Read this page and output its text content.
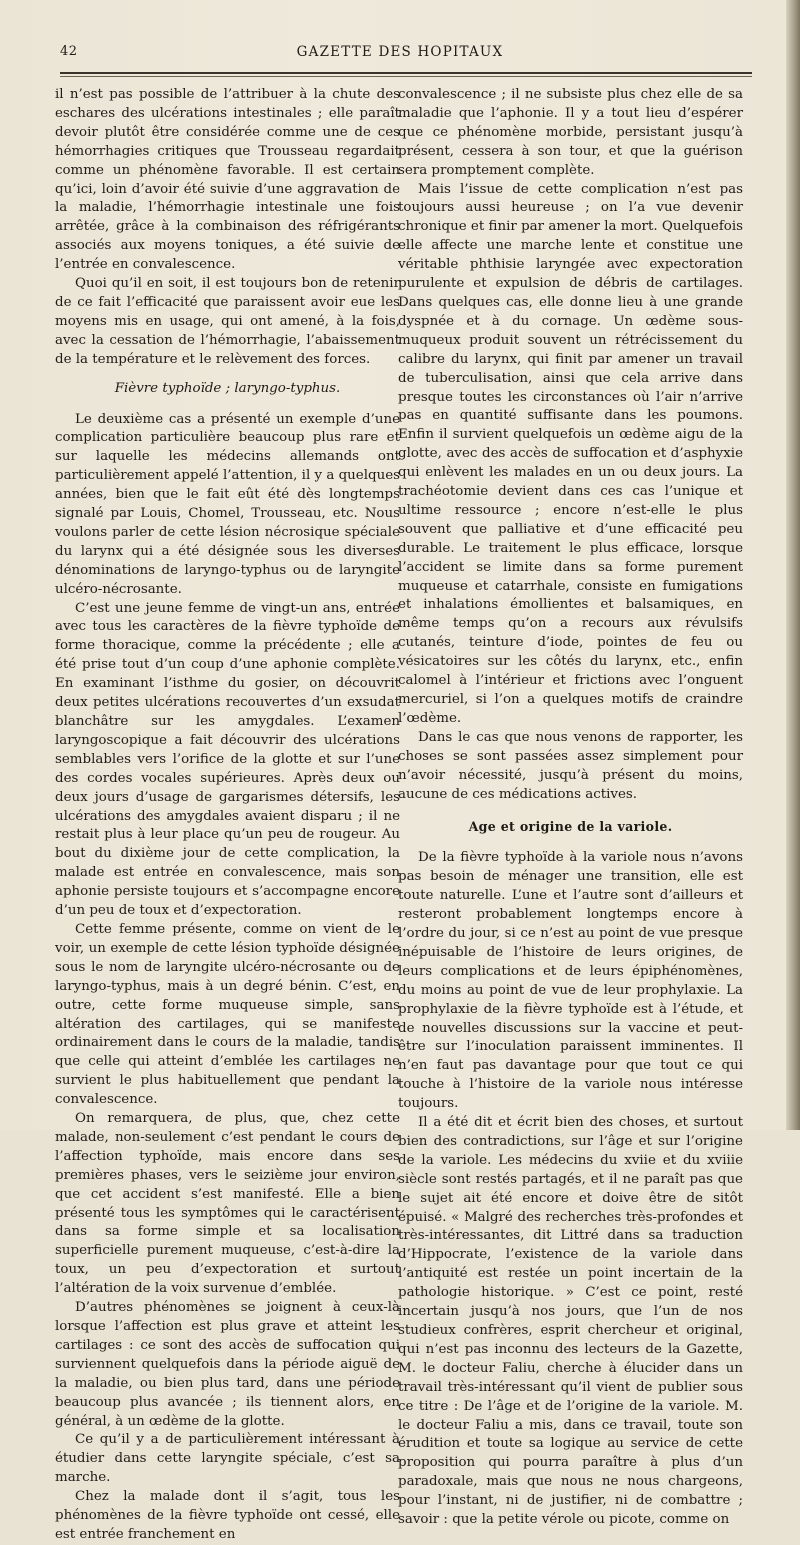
42	GAZETTE DES HOPITAUX

il n’est pas possible de l’attribuer à la chute des eschares des ulcérations intestinales ; elle paraît devoir plutôt être considérée comme une de ces hémorrhagies critiques que Trousseau regardait comme un phénomène favorable. Il est certain qu’ici, loin d’avoir été suivie d’une aggravation de la maladie, l’hémorrhagie intestinale une fois arrêtée, grâce à la combinaison des réfrigérants associés aux moyens toniques, a été suivie de l’entrée en convalescence.

Quoi qu’il en soit, il est toujours bon de retenir de ce fait l’efficacité que paraissent avoir eue les moyens mis en usage, qui ont amené, à la fois, avec la cessation de l’hémorrhagie, l’abaissement de la température et le relèvement des forces.

Fièvre typhoïde ; laryngo-typhus.

Le deuxième cas a présenté un exemple d’une complication particulière beaucoup plus rare et sur laquelle les médecins allemands ont particulièrement appelé l’attention, il y a quelques années, bien que le fait eût été dès longtemps signalé par Louis, Chomel, Trousseau, etc. Nous voulons parler de cette lésion nécrosique spéciale du larynx qui a été désignée sous les diverses dénominations de laryngo-typhus ou de laryngite ulcéro-nécrosante.

C’est une jeune femme de vingt-un ans, entrée avec tous les caractères de la fièvre typhoïde de forme thoracique, comme la précédente ; elle a été prise tout d’un coup d’une aphonie complète. En examinant l’isthme du gosier, on découvrit deux petites ulcérations recouvertes d’un exsudat blanchâtre sur les amygdales. L’examen laryngoscopique a fait découvrir des ulcérations semblables vers l’orifice de la glotte et sur l’une des cordes vocales supérieures. Après deux ou deux jours d’usage de gargarismes détersifs, les ulcérations des amygdales avaient disparu ; il ne restait plus à leur place qu’un peu de rougeur. Au bout du dixième jour de cette complication, la malade est entrée en convalescence, mais son aphonie persiste toujours et s’accompagne encore d’un peu de toux et d’expectoration.

Cette femme présente, comme on vient de le voir, un exemple de cette lésion typhoïde désignée sous le nom de laryngite ulcéro-nécrosante ou de laryngo-typhus, mais à un degré bénin. C’est, en outre, cette forme muqueuse simple, sans altération des cartilages, qui se manifeste ordinairement dans le cours de la maladie, tandis que celle qui atteint d’emblée les cartilages ne survient le plus habituellement que pendant la convalescence.

On remarquera, de plus, que, chez cette malade, non-seulement c’est pendant le cours de l’affection typhoïde, mais encore dans ses premières phases, vers le seizième jour environ, que cet accident s’est manifesté. Elle a bien présenté tous les symptômes qui le caractérisent dans sa forme simple et sa localisation superficielle purement muqueuse, c’est-à-dire la toux, un peu d’expectoration et surtout l’altération de la voix survenue d’emblée.

D’autres phénomènes se joignent à ceux-là lorsque l’affection est plus grave et atteint les cartilages : ce sont des accès de suffocation qui surviennent quelquefois dans la période aiguë de la maladie, ou bien plus tard, dans une période beaucoup plus avancée ; ils tiennent alors, en général, à un œdème de la glotte.

Ce qu’il y a de particulièrement intéressant à étudier dans cette laryngite spéciale, c’est sa marche.

Chez la malade dont il s’agit, tous les phénomènes de la fièvre typhoïde ont cessé, elle est entrée franchement en

convalescence ; il ne subsiste plus chez elle de sa maladie que l’aphonie. Il y a tout lieu d’espérer que ce phénomène morbide, persistant jusqu’à présent, cessera à son tour, et que la guérison sera promptement complète.

Mais l’issue de cette complication n’est pas toujours aussi heureuse ; on l’a vue devenir chronique et finir par amener la mort. Quelquefois elle affecte une marche lente et constitue une véritable phthisie laryngée avec expectoration purulente et expulsion de débris de cartilages. Dans quelques cas, elle donne lieu à une grande dyspnée et à du cornage. Un œdème sous-muqueux produit souvent un rétrécissement du calibre du larynx, qui finit par amener un travail de tuberculisation, ainsi que cela arrive dans presque toutes les circonstances où l’air n’arrive pas en quantité suffisante dans les poumons. Enfin il survient quelquefois un œdème aigu de la glotte, avec des accès de suffocation et d’asphyxie qui enlèvent les malades en un ou deux jours. La trachéotomie devient dans ces cas l’unique et ultime ressource ; encore n’est-elle le plus souvent que palliative et d’une efficacité peu durable. Le traitement le plus efficace, lorsque l’accident se limite dans sa forme purement muqueuse et catarrhale, consiste en fumigations et inhalations émollientes et balsamiques, en même temps qu’on a recours aux révulsifs cutanés, teinture d’iode, pointes de feu ou vésicatoires sur les côtés du larynx, etc., enfin calomel à l’intérieur et frictions avec l’onguent mercuriel, si l’on a quelques motifs de craindre l’œdème.

Dans le cas que nous venons de rapporter, les choses se sont passées assez simplement pour n’avoir nécessité, jusqu’à présent du moins, aucune de ces médications actives.

Age et origine de la variole.

De la fièvre typhoïde à la variole nous n’avons pas besoin de ménager une transition, elle est toute naturelle. L’une et l’autre sont d’ailleurs et resteront probablement longtemps encore à l’ordre du jour, si ce n’est au point de vue presque inépuisable de l’histoire de leurs origines, de leurs complications et de leurs épiphénomènes, du moins au point de vue de leur prophylaxie. La prophylaxie de la fièvre typhoïde est à l’étude, et de nouvelles discussions sur la vaccine et peut-être sur l’inoculation paraissent imminentes. Il n’en faut pas davantage pour que tout ce qui touche à l’histoire de la variole nous intéresse toujours.

Il a été dit et écrit bien des choses, et surtout bien des contradictions, sur l’âge et sur l’origine de la variole. Les médecins du xviie et du xviiie siècle sont restés partagés, et il ne paraît pas que le sujet ait été encore et doive être de sitôt épuisé. « Malgré des recherches très-profondes et très-intéressantes, dit Littré dans sa traduction d’Hippocrate, l’existence de la variole dans l’antiquité est restée un point incertain de la pathologie historique. » C’est ce point, resté incertain jusqu’à nos jours, que l’un de nos studieux confrères, esprit chercheur et original, qui n’est pas inconnu des lecteurs de la Gazette, M. le docteur Faliu, cherche à élucider dans un travail très-intéressant qu’il vient de publier sous ce titre : De l’âge et de l’origine de la variole. M. le docteur Faliu a mis, dans ce travail, toute son érudition et toute sa logique au service de cette proposition qui pourra paraître à plus d’un paradoxale, mais que nous ne nous chargeons, pour l’instant, ni de justifier, ni de combattre ; savoir : que la petite vérole ou picote, comme on
